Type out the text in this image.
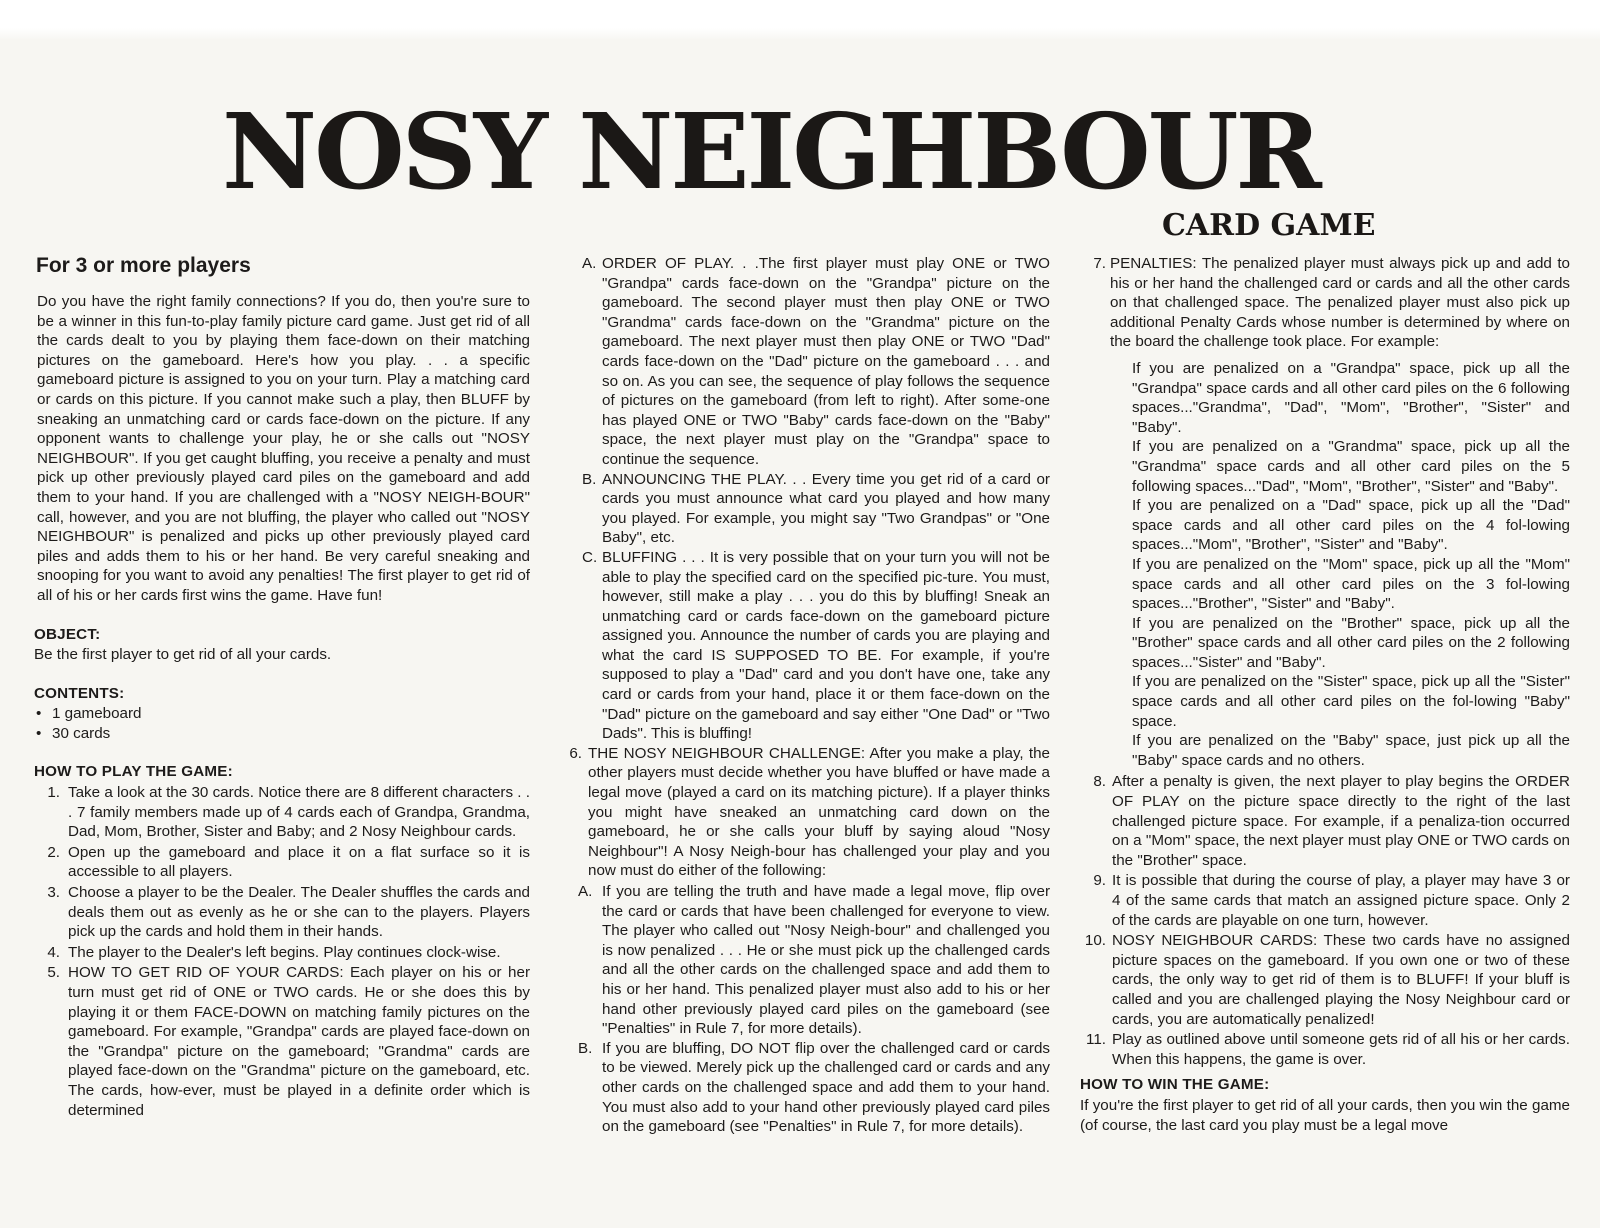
NOSY NEIGHBOUR
CARD GAME
For 3 or more players

Do you have the right family connections? If you do, then you're sure to be a winner in this fun-to-play family picture card game. Just get rid of all the cards dealt to you by playing them face-down on their matching pictures on the gameboard. Here's how you play. . . a specific gameboard picture is assigned to you on your turn. Play a matching card or cards on this picture. If you cannot make such a play, then BLUFF by sneaking an unmatching card or cards face-down on the picture. If any opponent wants to challenge your play, he or she calls out "NOSY NEIGHBOUR". If you get caught bluffing, you receive a penalty and must pick up other previously played card piles on the gameboard and add them to your hand. If you are challenged with a "NOSY NEIGH-BOUR" call, however, and you are not bluffing, the player who called out "NOSY NEIGHBOUR" is penalized and picks up other previously played card piles and adds them to his or her hand. Be very careful sneaking and snooping for you want to avoid any penalties! The first player to get rid of all of his or her cards first wins the game. Have fun!

OBJECT:

Be the first player to get rid of all your cards.

CONTENTS:
• 1 gameboard
• 30 cards
HOW TO PLAY THE GAME:
1. Take a look at the 30 cards. Notice there are 8 different characters . . . 7 family members made up of 4 cards each of Grandpa, Grandma, Dad, Mom, Brother, Sister and Baby; and 2 Nosy Neighbour cards.
2. Open up the gameboard and place it on a flat surface so it is accessible to all players.
3. Choose a player to be the Dealer. The Dealer shuffles the cards and deals them out as evenly as he or she can to the players. Players pick up the cards and hold them in their hands.
4. The player to the Dealer's left begins. Play continues clock-wise.
5. HOW TO GET RID OF YOUR CARDS: Each player on his or her turn must get rid of ONE or TWO cards. He or she does this by playing it or them FACE-DOWN on matching family pictures on the gameboard. For example, "Grandpa" cards are played face-down on the "Grandpa" picture on the gameboard; "Grandma" cards are played face-down on the "Grandma" picture on the gameboard, etc. The cards, how-ever, must be played in a definite order which is determined
A. ORDER OF PLAY. . .The first player must play ONE or TWO "Grandpa" cards face-down on the "Grandpa" picture on the gameboard. The second player must then play ONE or TWO "Grandma" cards face-down on the "Grandma" picture on the gameboard. The next player must then play ONE or TWO "Dad" cards face-down on the "Dad" picture on the gameboard . . . and so on. As you can see, the sequence of play follows the sequence of pictures on the gameboard (from left to right). After some-one has played ONE or TWO "Baby" cards face-down on the "Baby" space, the next player must play on the "Grandpa" space to continue the sequence.
B. ANNOUNCING THE PLAY. . . Every time you get rid of a card or cards you must announce what card you played and how many you played. For example, you might say "Two Grandpas" or "One Baby", etc.
C. BLUFFING . . . It is very possible that on your turn you will not be able to play the specified card on the specified pic-ture. You must, however, still make a play . . . you do this by bluffing! Sneak an unmatching card or cards face-down on the gameboard picture assigned you. Announce the number of cards you are playing and what the card IS SUPPOSED TO BE. For example, if you're supposed to play a "Dad" card and you don't have one, take any card or cards from your hand, place it or them face-down on the "Dad" picture on the gameboard and say either "One Dad" or "Two Dads". This is bluffing!
6. THE NOSY NEIGHBOUR CHALLENGE: After you make a play, the other players must decide whether you have bluffed or have made a legal move (played a card on its matching picture). If a player thinks you might have sneaked an unmatching card down on the gameboard, he or she calls your bluff by saying aloud "Nosy Neighbour"! A Nosy Neigh-bour has challenged your play and you now must do either of the following:
A. If you are telling the truth and have made a legal move, flip over the card or cards that have been challenged for everyone to view. The player who called out "Nosy Neigh-bour" and challenged you is now penalized . . . He or she must pick up the challenged cards and all the other cards on the challenged space and add them to his or her hand. This penalized player must also add to his or her hand other previously played card piles on the gameboard (see "Penalties" in Rule 7, for more details).
B. If you are bluffing, DO NOT flip over the challenged card or cards to be viewed. Merely pick up the challenged card or cards and any other cards on the challenged space and add them to your hand. You must also add to your hand other previously played card piles on the gameboard (see "Penalties" in Rule 7, for more details).
7. PENALTIES: The penalized player must always pick up and add to his or her hand the challenged card or cards and all the other cards on that challenged space. The penalized player must also pick up additional Penalty Cards whose number is determined by where on the board the challenge took place. For example:

If you are penalized on a "Grandpa" space, pick up all the "Grandpa" space cards and all other card piles on the 6 following spaces..."Grandma", "Dad", "Mom", "Brother", "Sister" and "Baby".

If you are penalized on a "Grandma" space, pick up all the "Grandma" space cards and all other card piles on the 5 following spaces..."Dad", "Mom", "Brother", "Sister" and "Baby".

If you are penalized on a "Dad" space, pick up all the "Dad" space cards and all other card piles on the 4 fol-lowing spaces..."Mom", "Brother", "Sister" and "Baby".

If you are penalized on the "Mom" space, pick up all the "Mom" space cards and all other card piles on the 3 fol-lowing spaces..."Brother", "Sister" and "Baby".

If you are penalized on the "Brother" space, pick up all the "Brother" space cards and all other card piles on the 2 following spaces..."Sister" and "Baby".

If you are penalized on the "Sister" space, pick up all the "Sister" space cards and all other card piles on the fol-lowing "Baby" space.

If you are penalized on the "Baby" space, just pick up all the "Baby" space cards and no others.

8. After a penalty is given, the next player to play begins the ORDER OF PLAY on the picture space directly to the right of the last challenged picture space. For example, if a penaliza-tion occurred on a "Mom" space, the next player must play ONE or TWO cards on the "Brother" space.
9. It is possible that during the course of play, a player may have 3 or 4 of the same cards that match an assigned picture space. Only 2 of the cards are playable on one turn, however.
10. NOSY NEIGHBOUR CARDS: These two cards have no assigned picture spaces on the gameboard. If you own one or two of these cards, the only way to get rid of them is to BLUFF! If your bluff is called and you are challenged playing the Nosy Neighbour card or cards, you are automatically penalized!
11. Play as outlined above until someone gets rid of all his or her cards. When this happens, the game is over.
HOW TO WIN THE GAME:

If you're the first player to get rid of all your cards, then you win the game (of course, the last card you play must be a legal move
